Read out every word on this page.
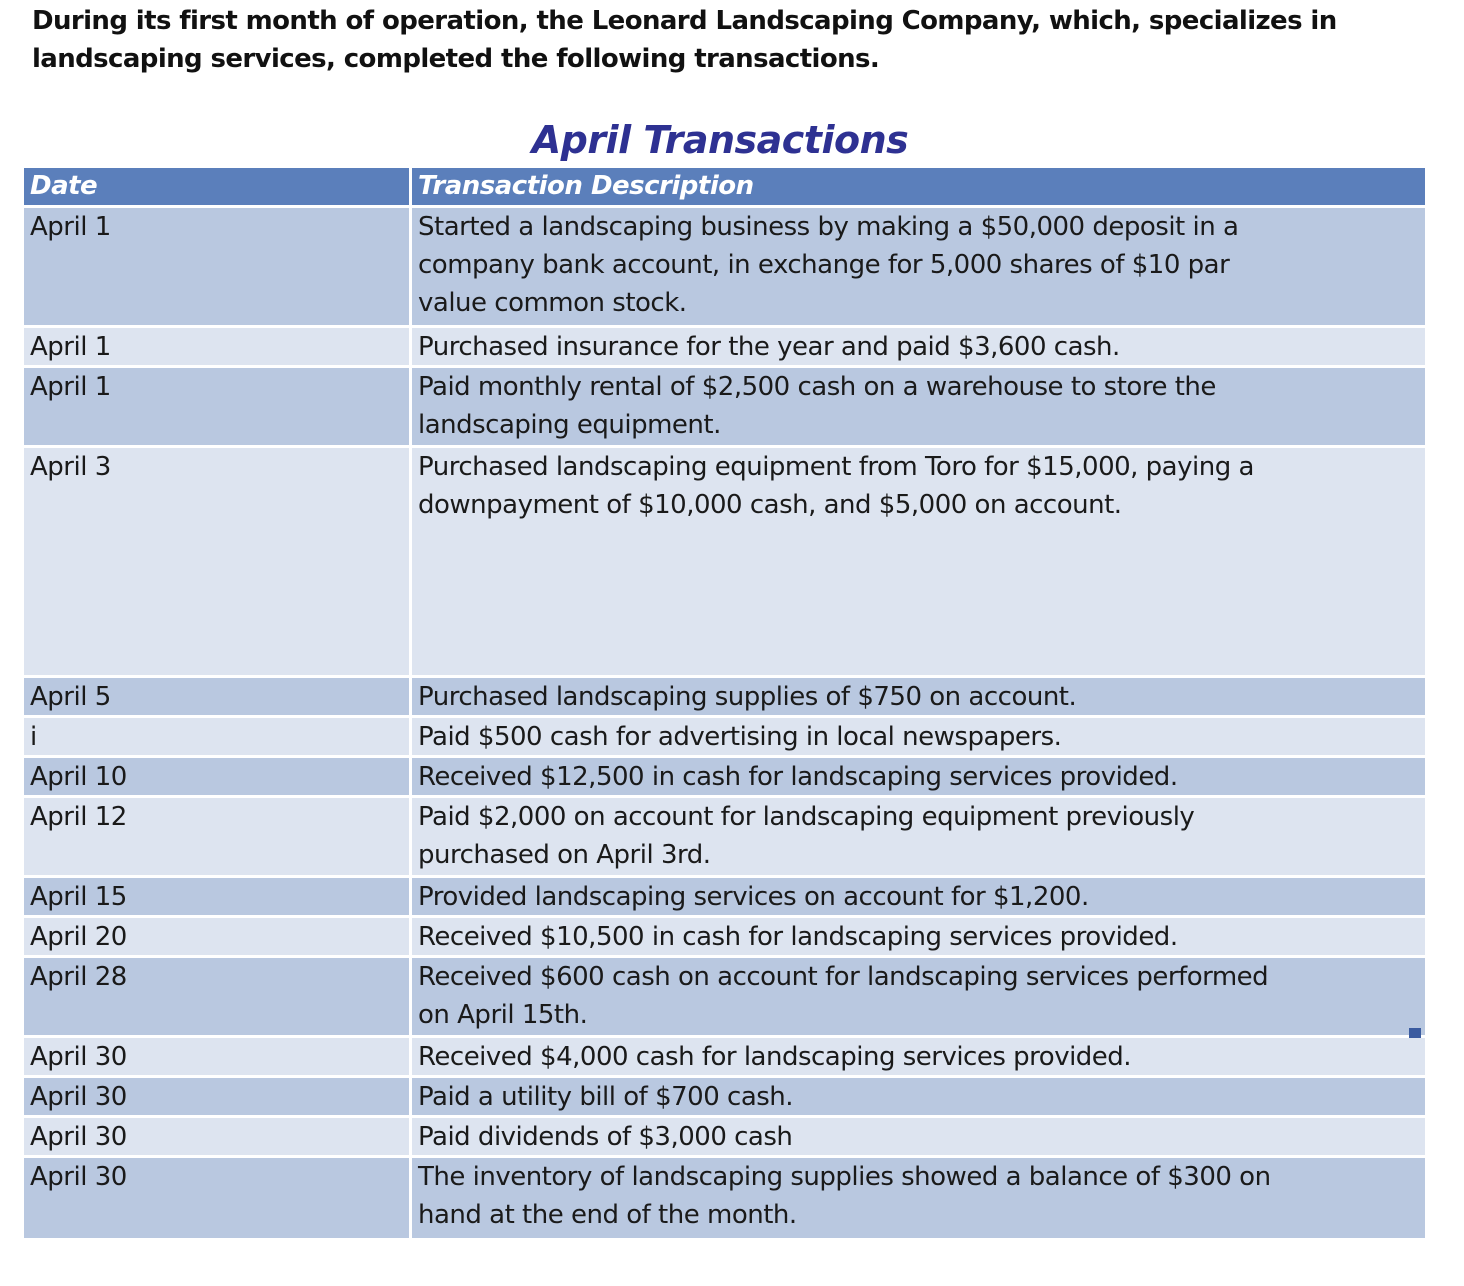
During its first month of operation, the Leonard Landscaping Company, which, specializes in
landscaping services, completed the following transactions.
April Transactions
Date	Transaction Description
April 1	Started a landscaping business by making a $50,000 deposit in a
company bank account, in exchange for 5,000 shares of $10 par
value common stock.
April 1	Purchased insurance for the year and paid $3,600 cash.
April 1	Paid monthly rental of $2,500 cash on a warehouse to store the
landscaping equipment.
April 3	Purchased landscaping equipment from Toro for $15,000, paying a
downpayment of $10,000 cash, and $5,000 on account.
April 5	Purchased landscaping supplies of $750 on account.
i	Paid $500 cash for advertising in local newspapers.
April 10	Received $12,500 in cash for landscaping services provided.
April 12	Paid $2,000 on account for landscaping equipment previously
purchased on April 3rd.
April 15	Provided landscaping services on account for $1,200.
April 20	Received $10,500 in cash for landscaping services provided.
April 28	Received $600 cash on account for landscaping services performed
on April 15th.
April 30	Received $4,000 cash for landscaping services provided.
April 30	Paid a utility bill of $700 cash.
April 30	Paid dividends of $3,000 cash
April 30	The inventory of landscaping supplies showed a balance of $300 on
hand at the end of the month.
